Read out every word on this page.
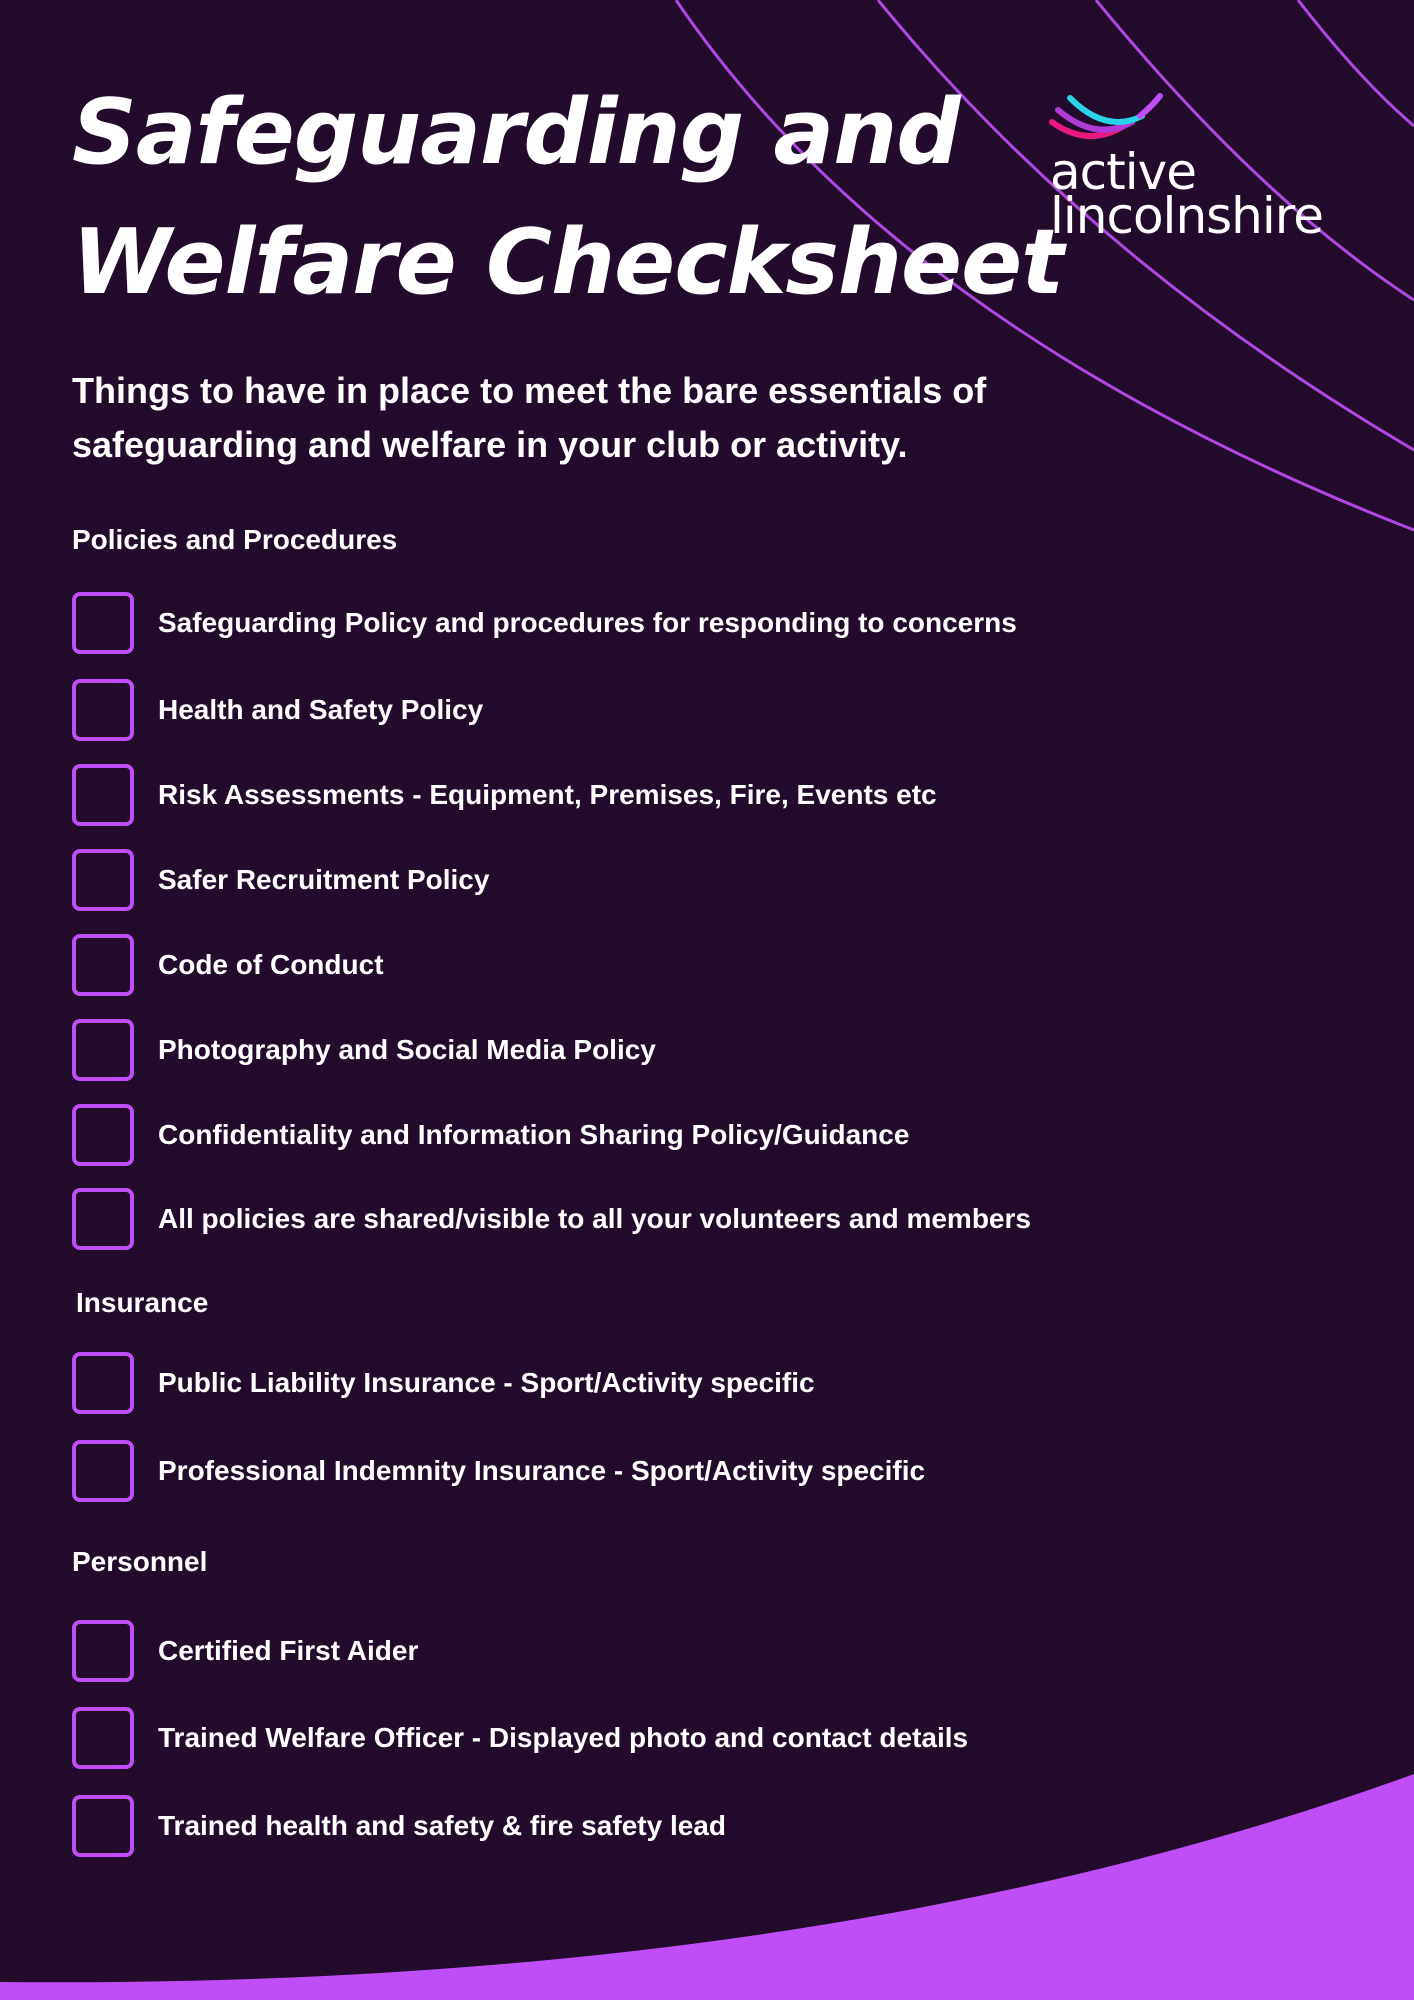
Safeguarding and
Welfare Checksheet
active
lincolnshire

Things to have in place to meet the bare essentials of safeguarding and welfare in your club or activity.

Policies and Procedures
Safeguarding Policy and procedures for responding to concerns
Health and Safety Policy
Risk Assessments - Equipment, Premises, Fire, Events etc
Safer Recruitment Policy
Code of Conduct
Photography and Social Media Policy
Confidentiality and Information Sharing Policy/Guidance
All policies are shared/visible to all your volunteers and members
Insurance
Public Liability Insurance - Sport/Activity specific
Professional Indemnity Insurance - Sport/Activity specific
Personnel
Certified First Aider
Trained Welfare Officer - Displayed photo and contact details
Trained health and safety & fire safety lead
